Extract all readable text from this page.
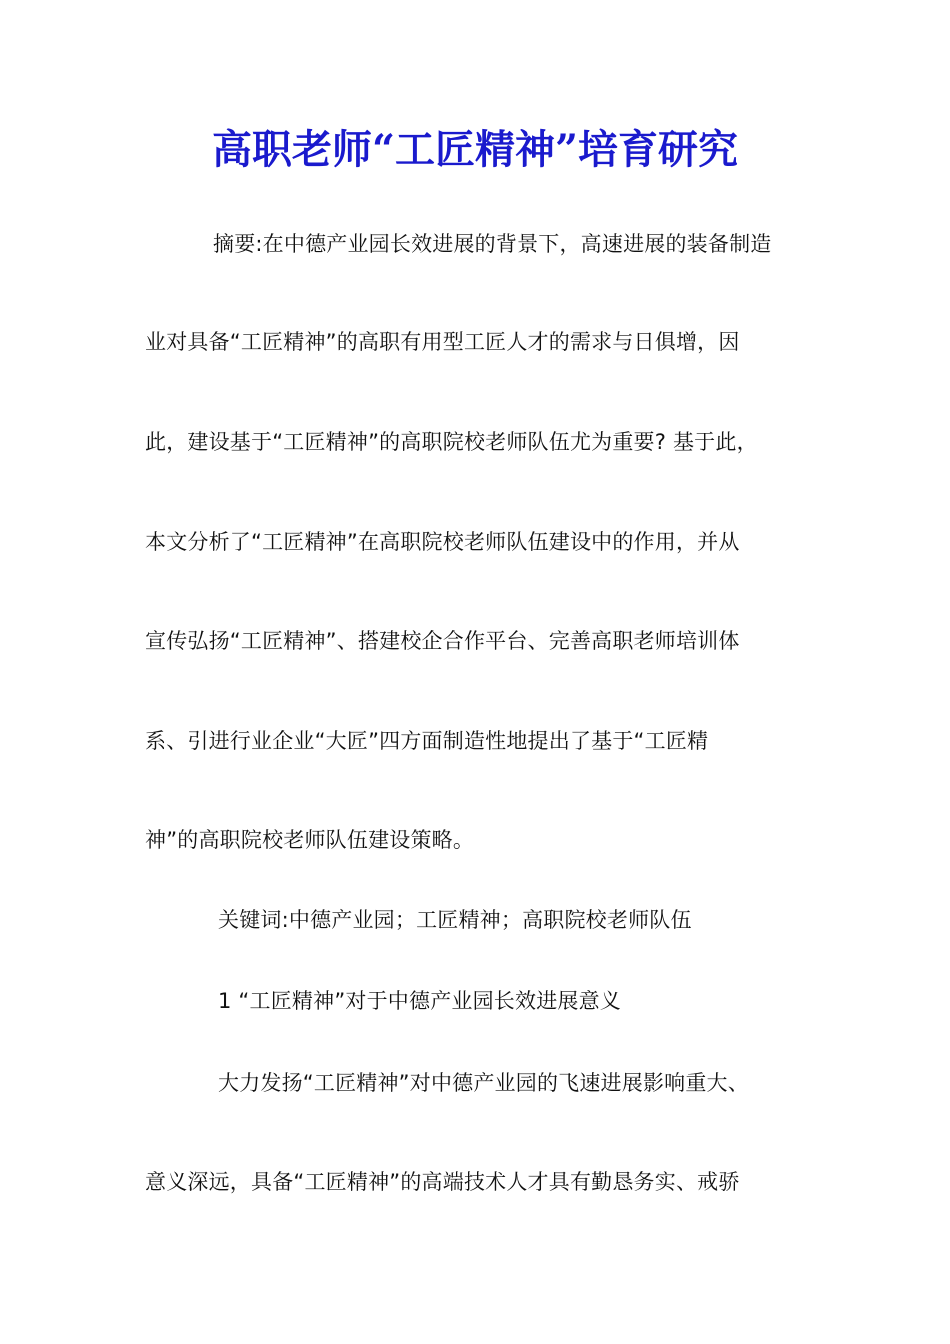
高职老师“工匠精神”培育研究
摘要:在中德产业园长效进展的背景下，高速进展的装备制造
业对具备“工匠精神”的高职有用型工匠人才的需求与日俱增，因
此，建设基于“工匠精神”的高职院校老师队伍尤为重要? 基于此，
本文分析了“工匠精神”在高职院校老师队伍建设中的作用，并从
宣传弘扬“工匠精神”、搭建校企合作平台、完善高职老师培训体
系、引进行业企业“大匠”四方面制造性地提出了基于“工匠精
神”的高职院校老师队伍建设策略。
关键词:中德产业园；工匠精神；高职院校老师队伍
1 “工匠精神”对于中德产业园长效进展意义
大力发扬“工匠精神”对中德产业园的飞速进展影响重大、
意义深远，具备“工匠精神”的高端技术人才具有勤恳务实、戒骄
